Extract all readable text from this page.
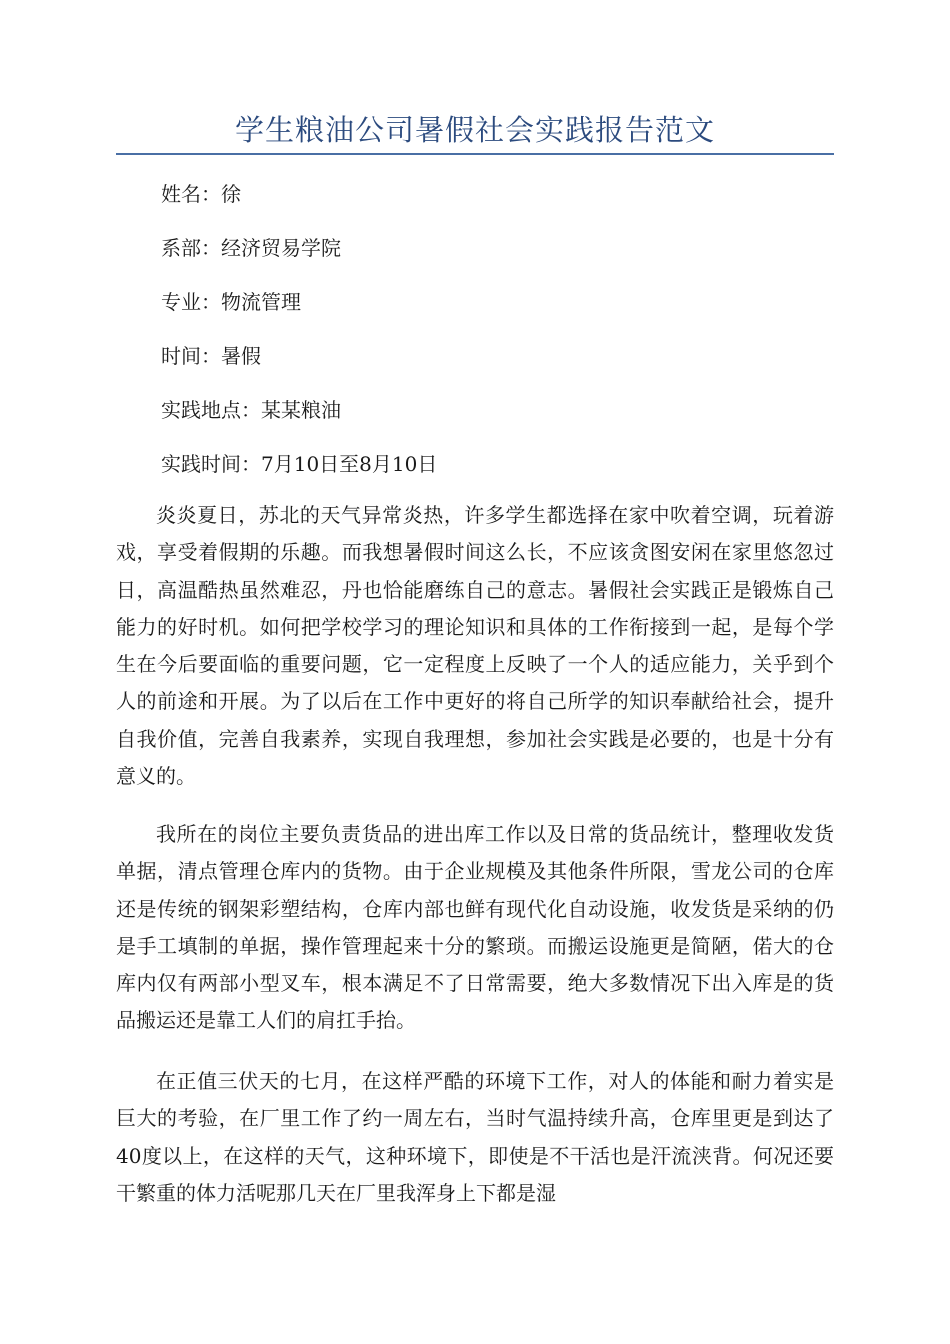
学生粮油公司暑假社会实践报告范文
姓名：徐
系部：经济贸易学院
专业：物流管理
时间：暑假
实践地点：某某粮油
实践时间：7月10日至8月10日

炎炎夏日，苏北的天气异常炎热，许多学生都选择在家中吹着空调，玩着游戏，享受着假期的乐趣。而我想暑假时间这么长，不应该贪图安闲在家里悠忽过日，高温酷热虽然难忍，丹也恰能磨练自己的意志。暑假社会实践正是锻炼自己能力的好时机。如何把学校学习的理论知识和具体的工作衔接到一起，是每个学生在今后要面临的重要问题，它一定程度上反映了一个人的适应能力，关乎到个人的前途和开展。为了以后在工作中更好的将自己所学的知识奉献给社会，提升自我价值，完善自我素养，实现自我理想，参加社会实践是必要的，也是十分有意义的。

我所在的岗位主要负责货品的进出库工作以及日常的货品统计，整理收发货单据，清点管理仓库内的货物。由于企业规模及其他条件所限，雪龙公司的仓库还是传统的钢架彩塑结构，仓库内部也鲜有现代化自动设施，收发货是采纳的仍是手工填制的单据，操作管理起来十分的繁琐。而搬运设施更是简陋，偌大的仓库内仅有两部小型叉车，根本满足不了日常需要，绝大多数情况下出入库是的货品搬运还是靠工人们的肩扛手抬。

在正值三伏天的七月，在这样严酷的环境下工作，对人的体能和耐力着实是巨大的考验，在厂里工作了约一周左右，当时气温持续升高，仓库里更是到达了40度以上，在这样的天气，这种环境下，即使是不干活也是汗流浃背。何况还要干繁重的体力活呢那几天在厂里我浑身上下都是湿
